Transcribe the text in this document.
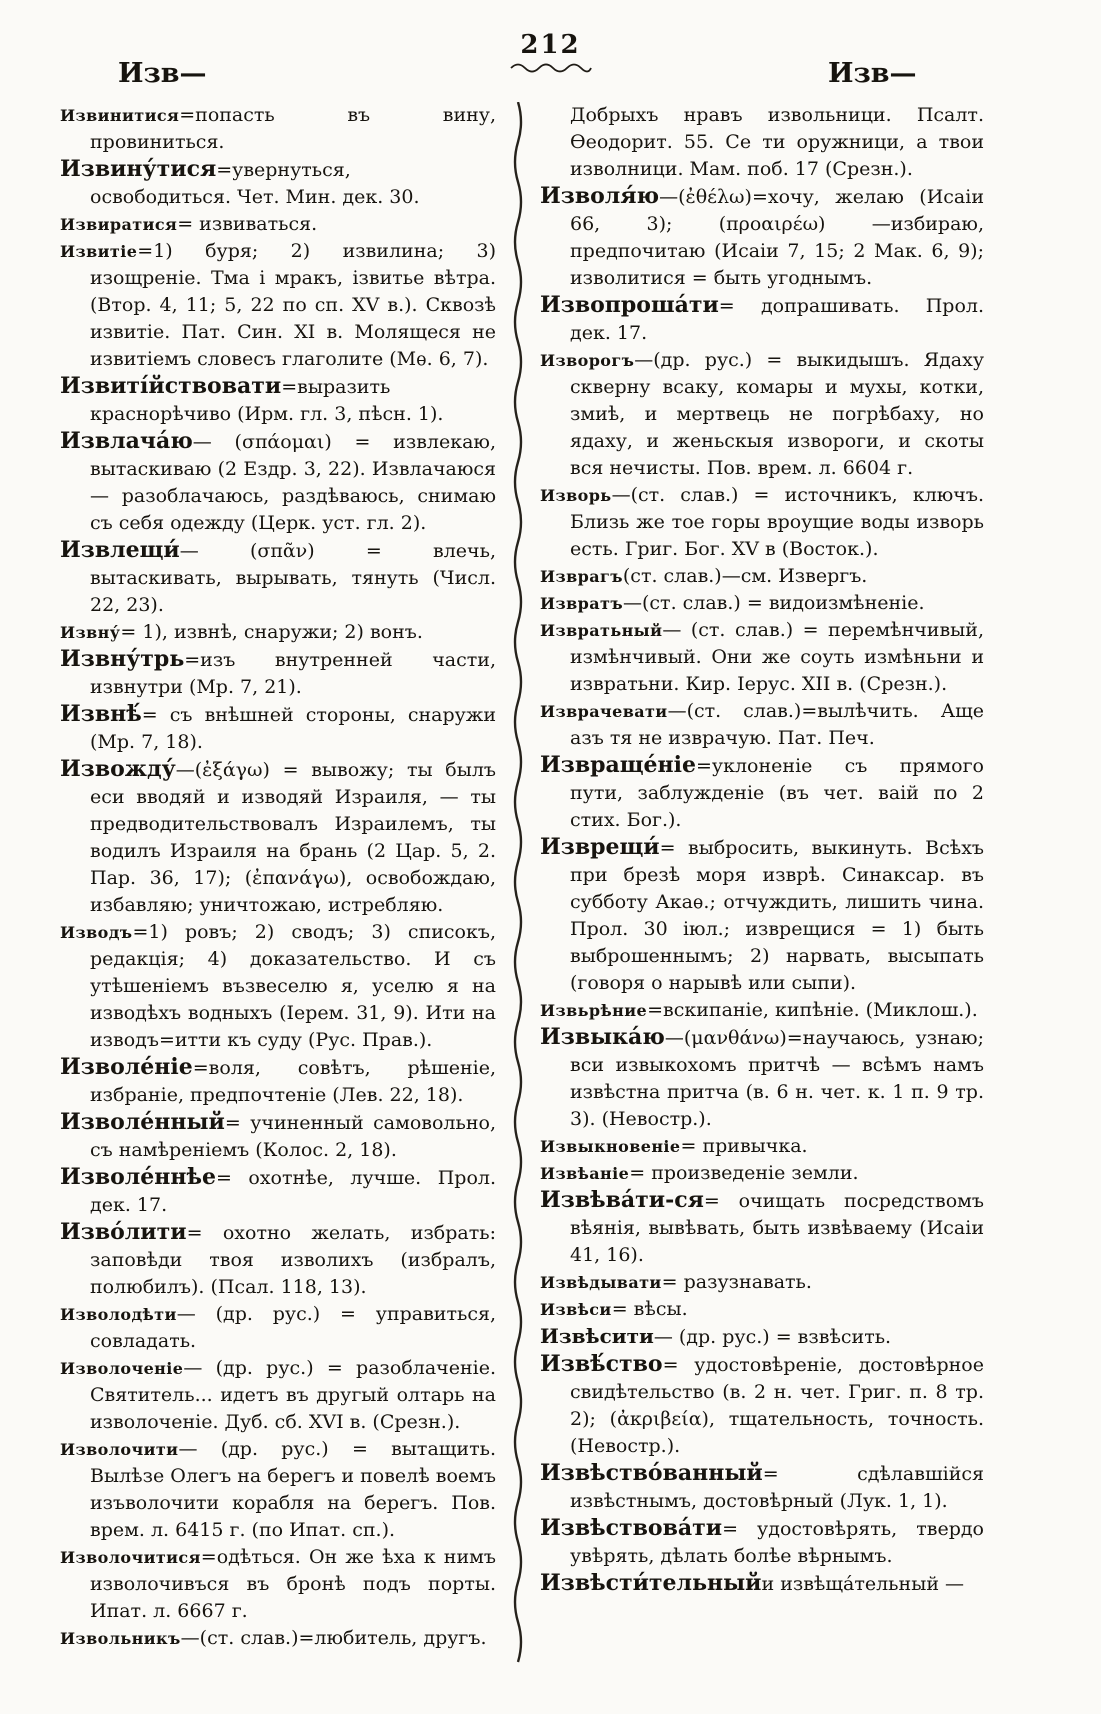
212
Изв—	Изв—

Извинитися=попасть въ вину, провиниться.

Извину́тися=увернуться, освободиться. Чет. Мин. дек. 30.

Извиратися= извиваться.

Извитіе=1) буря; 2) извилина; 3) изощреніе. Тма і мракъ, ізвитье вѣтра. (Втор. 4, 11; 5, 22 по сп. XV в.). Сквозѣ извитіе. Пат. Син. XI в. Молящеся не извитіемъ словесъ глаголите (Мѳ. 6, 7).

Извиті́йствовати=выразить краснорѣчиво (Ирм. гл. 3, пѣсн. 1).

Извлача́ю— (σπάομαι) = извлекаю, вытаскиваю (2 Ездр. 3, 22). Извлачаюся — разоблачаюсь, раздѣваюсь, снимаю съ себя одежду (Церк. уст. гл. 2).

Извлещи́— (σπᾶν) = влечь, вытаскивать, вырывать, тянуть (Числ. 22, 23).

Извну́= 1), извнѣ, снаружи; 2) вонъ.

Извну́трь=изъ внутренней части, извнутри (Мр. 7, 21).

Извнѣ́= съ внѣшней стороны, снаружи (Мр. 7, 18).

Извожду́—(ἐξάγω) = вывожу; ты былъ еси вводяй и изводяй Израиля, — ты предводительствовалъ Израилемъ, ты водилъ Израиля на брань (2 Цар. 5, 2. Пар. 36, 17); (ἐπανάγω), освобождаю, избавляю; уничтожаю, истребляю.

Изводъ=1) ровъ; 2) сводъ; 3) списокъ, редакція; 4) доказательство. И съ утѣшеніемъ възвеселю я, уселю я на изводѣхъ водныхъ (Іерем. 31, 9). Ити на изводъ=итти къ суду (Рус. Прав.).

Изволе́ніе=воля, совѣтъ, рѣшеніе, избраніе, предпочтеніе (Лев. 22, 18).

Изволе́нный= учиненный самовольно, съ намѣреніемъ (Колос. 2, 18).

Изволе́ннѣе= охотнѣе, лучше. Прол. дек. 17.

Изво́лити= охотно желать, избрать: заповѣди твоя изволихъ (избралъ, полюбилъ). (Псал. 118, 13).

Изволодѣти— (др. рус.) = управиться, совладать.

Изволоченіе— (др. рус.) = разоблаченіе. Святитель... идетъ въ другый олтарь на изволоченіе. Дуб. сб. XVI в. (Срезн.).

Изволочити— (др. рус.) = вытащить. Вылѣзе Олегъ на берегъ и повелѣ воемъ изъволочити корабля на берегъ. Пов. врем. л. 6415 г. (по Ипат. сп.).

Изволочитися=одѣться. Он же ѣха к нимъ изволочивъся въ бронѣ подъ порты. Ипат. л. 6667 г.

Извольникъ—(ст. слав.)=любитель, другъ.

Добрыхъ нравъ извольници. Псалт. Ѳеодорит. 55. Се ти оружници, а твои изволници. Мам. поб. 17 (Срезн.).

Изволя́ю—(ἐθέλω)=хочу, желаю (Исаіи 66, 3); (προαιρέω) —избираю, предпочитаю (Исаіи 7, 15; 2 Мак. 6, 9); изволитися = быть угоднымъ.

Извопроша́ти= допрашивать. Прол. дек. 17.

Изворогъ—(др. рус.) = выкидышъ. Ядаху скверну всаку, комары и мухы, котки, змиѣ, и мертвець не погрѣбаху, но ядаху, и женьскыя извороги, и скоты вся нечисты. Пов. врем. л. 6604 г.

Изворь—(ст. слав.) = источникъ, ключъ. Близь же тое горы вроущие воды изворь есть. Григ. Бог. XV в (Восток.).

Изврагъ(ст. слав.)—см. Извергъ.

Извратъ—(ст. слав.) = видоизмѣненіе.

Извратьный— (ст. слав.) = перемѣнчивый, измѣнчивый. Они же соуть измѣньни и извратьни. Кир. Іерус. XII в. (Срезн.).

Изврачевати—(ст. слав.)=вылѣчить. Аще азъ тя не изврачую. Пат. Печ.

Извраще́ніе=уклоненіе съ прямого пути, заблужденіе (въ чет. ваій по 2 стих. Бог.).

Изврещи́= выбросить, выкинуть. Всѣхъ при брезѣ моря изврѣ. Синаксар. въ субботу Акаѳ.; отчуждить, лишить чина. Прол. 30 іюл.; изврещися = 1) быть выброшеннымъ; 2) нарвать, высыпать (говоря о нарывѣ или сыпи).

Извьрѣние=вскипаніе, кипѣніе. (Миклош.).

Извыка́ю—(μανθάνω)=научаюсь, узнаю; вси извыкохомъ притчѣ — всѣмъ намъ извѣстна притча (в. 6 н. чет. к. 1 п. 9 тр. 3). (Невостр.).

Извыкновеніе= привычка.

Извѣаніе= произведеніе земли.

Извѣва́ти-ся= очищать посредствомъ вѣянія, вывѣвать, быть извѣваему (Исаіи 41, 16).

Извѣдывати= разузнавать.

Извѣси= вѣсы.

Извѣсити— (др. рус.) = взвѣсить.

Извѣ́ство= удостовѣреніе, достовѣрное свидѣтельство (в. 2 н. чет. Григ. п. 8 тр. 2); (ἀκριβεία), тщательность, точность. (Невостр.).

Извѣство́ванный= сдѣлавшійся извѣстнымъ, достовѣрный (Лук. 1, 1).

Извѣствова́ти= удостовѣрять, твердо увѣрять, дѣлать болѣе вѣрнымъ.

Извѣсти́тельныйи извѣща́тельный —
